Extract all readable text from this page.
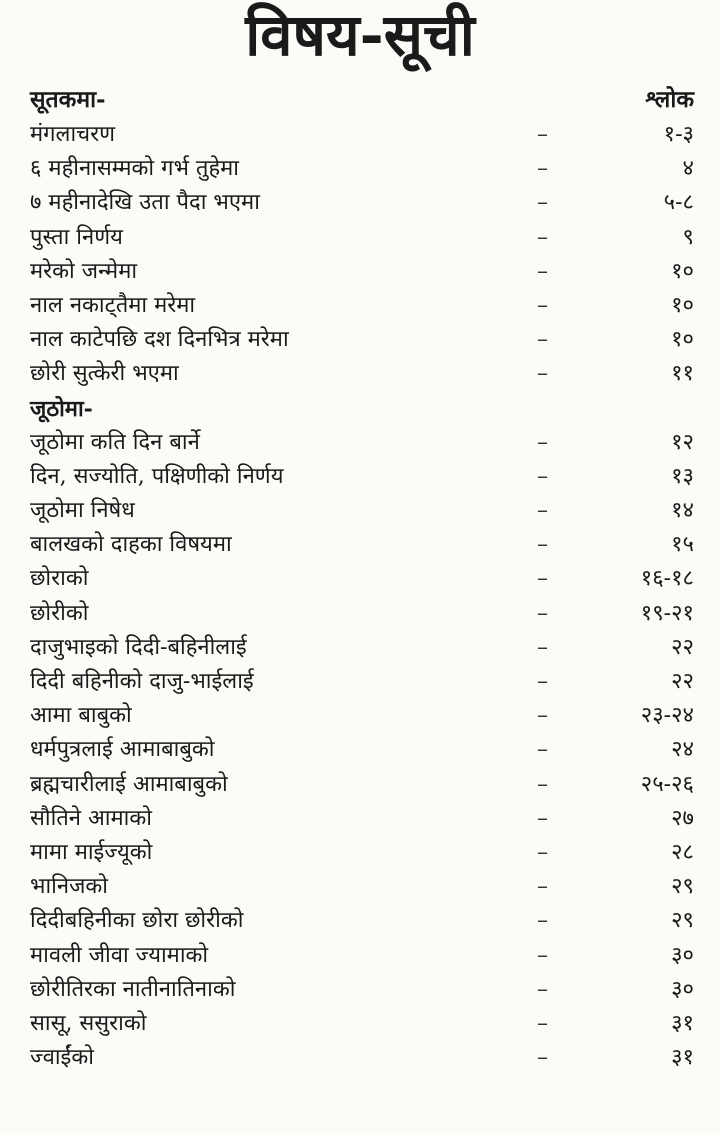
विषय-सूची
सूतकमा-	श्लोक
मंगलाचरण	–	१-३
६ महीनासम्मको गर्भ तुहेमा	–	४
७ महीनादेखि उता पैदा भएमा	–	५-८
पुस्ता निर्णय	–	९
मरेको जन्मेमा	–	१०
नाल नकाट्तैमा मरेमा	–	१०
नाल काटेपछि दश दिनभित्र मरेमा	–	१०
छोरी सुत्केरी भएमा	–	११
जूठोमा-
जूठोमा कति दिन बार्ने	–	१२
दिन, सज्योति, पक्षिणीको निर्णय	–	१३
जूठोमा निषेध	–	१४
बालखको दाहका विषयमा	–	१५
छोराको	–	१६-१८
छोरीको	–	१९-२१
दाजुभाइको दिदी-बहिनीलाई	–	२२
दिदी बहिनीको दाजु-भाईलाई	–	२२
आमा बाबुको	–	२३-२४
धर्मपुत्रलाई आमाबाबुको	–	२४
ब्रह्मचारीलाई आमाबाबुको	–	२५-२६
सौतिने आमाको	–	२७
मामा माईज्यूको	–	२८
भानिजको	–	२९
दिदीबहिनीका छोरा छोरीको	–	२९
मावली जीवा ज्यामाको	–	३०
छोरीतिरका नातीनातिनाको	–	३०
सासू, ससुराको	–	३१
ज्वाईंको	–	३१
